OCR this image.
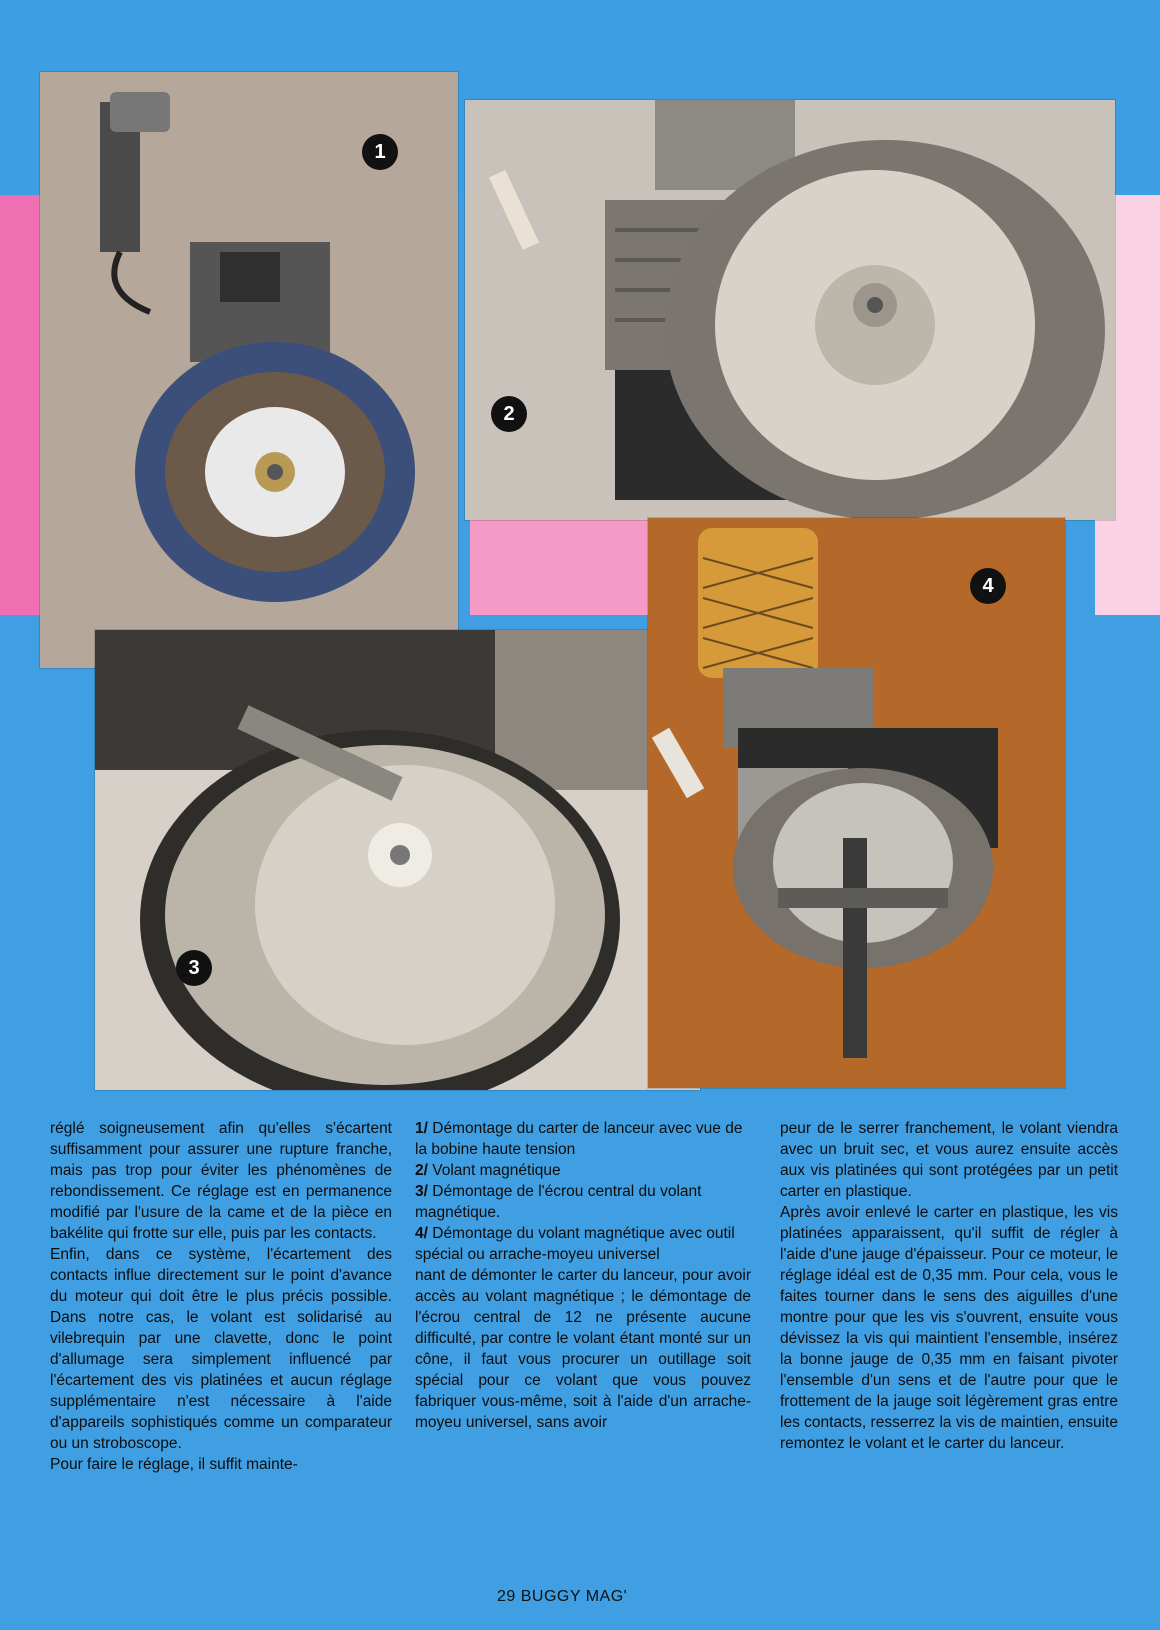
1
2
3
4

réglé soigneusement afin qu'elles s'écartent suffisamment pour assurer une rupture franche, mais pas trop pour éviter les phénomènes de rebondissement. Ce réglage est en permanence modifié par l'usure de la came et de la pièce en bakélite qui frotte sur elle, puis par les contacts.

Enfin, dans ce système, l'écartement des contacts influe directement sur le point d'avance du moteur qui doit être le plus précis possible. Dans notre cas, le volant est solidarisé au vilebrequin par une clavette, donc le point d'allumage sera simplement influencé par l'écartement des vis platinées et aucun réglage supplémentaire n'est nécessaire à l'aide d'appareils sophistiqués comme un comparateur ou un stroboscope.

Pour faire le réglage, il suffit mainte-

1/ Démontage du carter de lanceur avec vue de la bobine haute tension

2/ Volant magnétique

3/ Démontage de l'écrou central du volant magnétique.

4/ Démontage du volant magnétique avec outil spécial ou arrache-moyeu universel

nant de démonter le carter du lanceur, pour avoir accès au volant magnétique ; le démontage de l'écrou central de 12 ne présente aucune difficulté, par contre le volant étant monté sur un cône, il faut vous procurer un outillage soit spécial pour ce volant que vous pouvez fabriquer vous-même, soit à l'aide d'un arrache-moyeu universel, sans avoir

peur de le serrer franchement, le volant viendra avec un bruit sec, et vous aurez ensuite accès aux vis platinées qui sont protégées par un petit carter en plastique.

Après avoir enlevé le carter en plastique, les vis platinées apparaissent, qu'il suffit de régler à l'aide d'une jauge d'épaisseur. Pour ce moteur, le réglage idéal est de 0,35 mm. Pour cela, vous le faites tourner dans le sens des aiguilles d'une montre pour que les vis s'ouvrent, ensuite vous dévissez la vis qui maintient l'ensemble, insérez la bonne jauge de 0,35 mm en faisant pivoter l'ensemble d'un sens et de l'autre pour que le frottement de la jauge soit légèrement gras entre les contacts, resserrez la vis de maintien, ensuite remontez le volant et le carter du lanceur.

29 BUGGY MAG'
